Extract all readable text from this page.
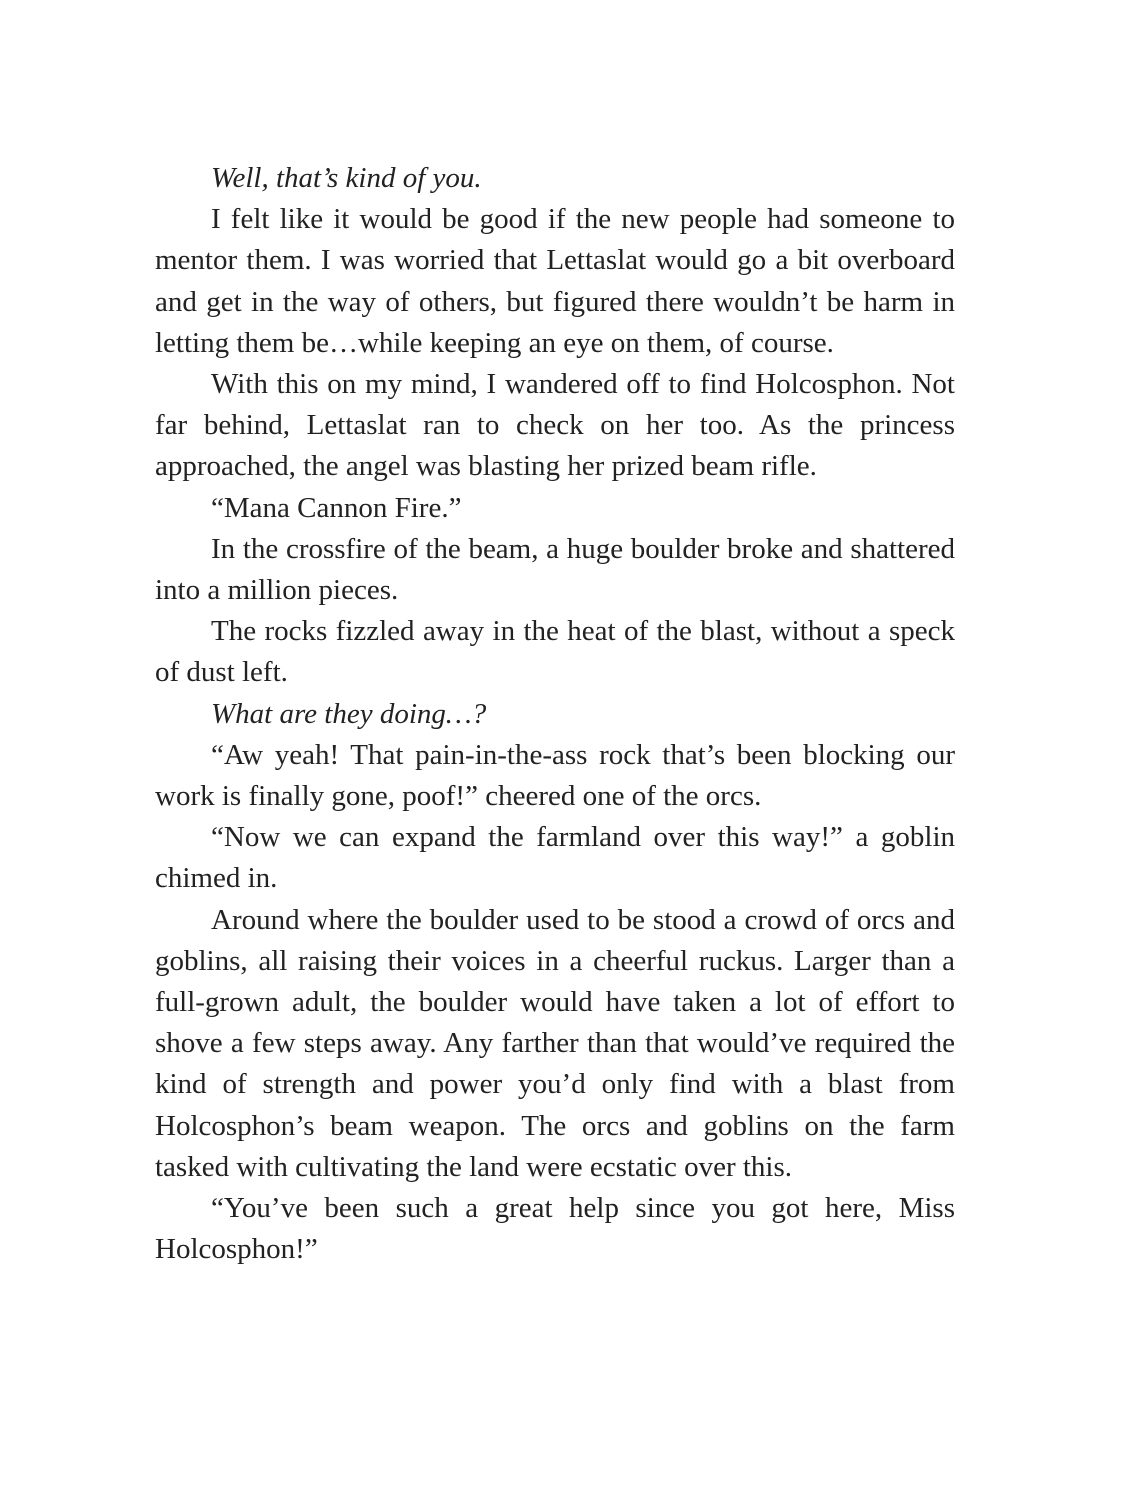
Well, that’s kind of you.

I felt like it would be good if the new people had someone to mentor them. I was worried that Lettaslat would go a bit overboard and get in the way of others, but figured there wouldn’t be harm in letting them be…while keeping an eye on them, of course.

With this on my mind, I wandered off to find Holcosphon. Not far behind, Lettaslat ran to check on her too. As the princess approached, the angel was blasting her prized beam rifle.

“Mana Cannon Fire.”

In the crossfire of the beam, a huge boulder broke and shattered into a million pieces.

The rocks fizzled away in the heat of the blast, without a speck of dust left.

What are they doing…?

“Aw yeah! That pain-in-the-ass rock that’s been blocking our work is finally gone, poof!” cheered one of the orcs.

“Now we can expand the farmland over this way!” a goblin chimed in.

Around where the boulder used to be stood a crowd of orcs and goblins, all raising their voices in a cheerful ruckus. Larger than a full-grown adult, the boulder would have taken a lot of effort to shove a few steps away. Any farther than that would’ve required the kind of strength and power you’d only find with a blast from Holcosphon’s beam weapon. The orcs and goblins on the farm tasked with cultivating the land were ecstatic over this.

“You’ve been such a great help since you got here, Miss Holcosphon!”
